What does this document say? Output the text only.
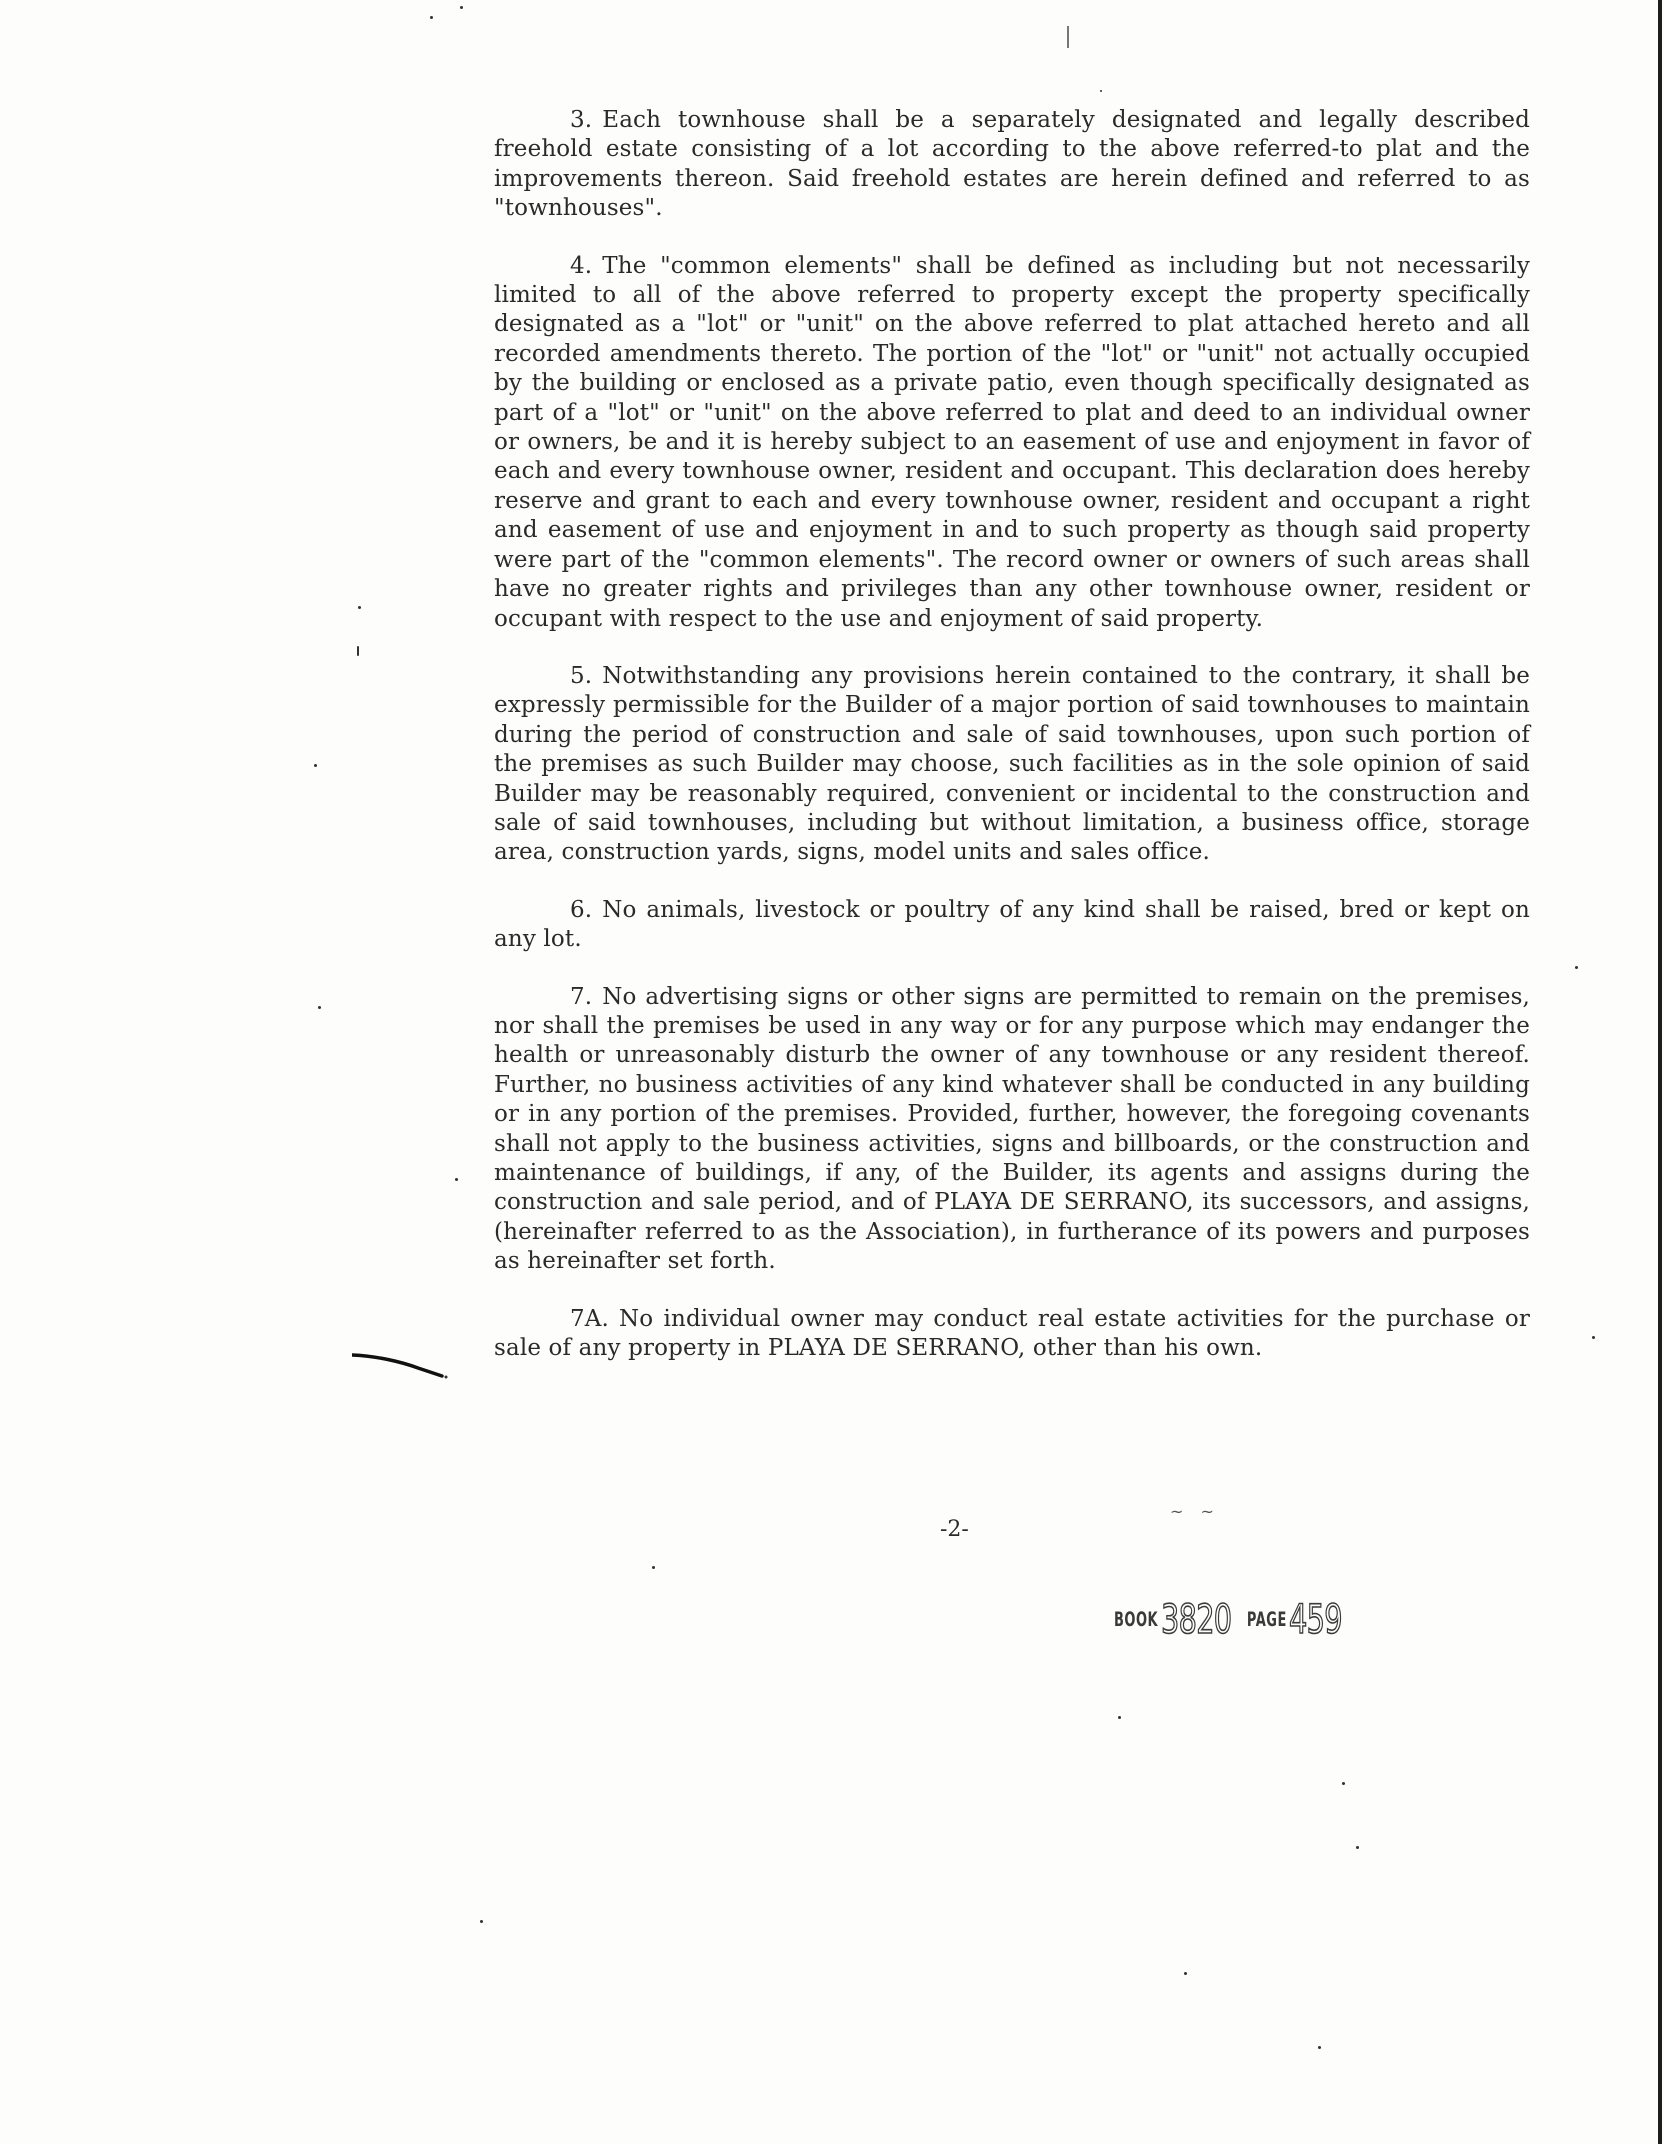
3. Each townhouse shall be a separately designated and legally described freehold estate consisting of a lot according to the above referred-to plat and the improvements thereon. Said freehold estates are herein defined and referred to as "townhouses".

4. The "common elements" shall be defined as including but not necessarily limited to all of the above referred to property except the property specifically designated as a "lot" or "unit" on the above referred to plat attached hereto and all recorded amendments thereto. The portion of the "lot" or "unit" not actually occupied by the building or enclosed as a private patio, even though specifically designated as part of a "lot" or "unit" on the above referred to plat and deed to an individual owner or owners, be and it is hereby subject to an easement of use and enjoyment in favor of each and every townhouse owner, resident and occupant. This declaration does hereby reserve and grant to each and every townhouse owner, resident and occupant a right and easement of use and enjoyment in and to such property as though said property were part of the "common elements". The record owner or owners of such areas shall have no greater rights and privileges than any other townhouse owner, resident or occupant with respect to the use and enjoyment of said property.

5. Notwithstanding any provisions herein contained to the contrary, it shall be expressly permissible for the Builder of a major portion of said townhouses to maintain during the period of construction and sale of said townhouses, upon such portion of the premises as such Builder may choose, such facilities as in the sole opinion of said Builder may be reasonably required, convenient or incidental to the construction and sale of said townhouses, including but without limitation, a business office, storage area, construction yards, signs, model units and sales office.

6. No animals, livestock or poultry of any kind shall be raised, bred or kept on any lot.

7. No advertising signs or other signs are permitted to remain on the premises, nor shall the premises be used in any way or for any purpose which may endanger the health or unreasonably disturb the owner of any townhouse or any resident thereof. Further, no business activities of any kind whatever shall be conducted in any building or in any portion of the premises. Provided, further, however, the foregoing covenants shall not apply to the business activities, signs and billboards, or the construction and maintenance of buildings, if any, of the Builder, its agents and assigns during the construction and sale period, and of PLAYA DE SERRANO, its successors, and assigns, (hereinafter referred to as the Association), in furtherance of its powers and purposes as hereinafter set forth.

7A. No individual owner may conduct real estate activities for the purchase or sale of any property in PLAYA DE SERRANO, other than his own.

~ ~
-2-
BOOK 3820 PAGE 459
